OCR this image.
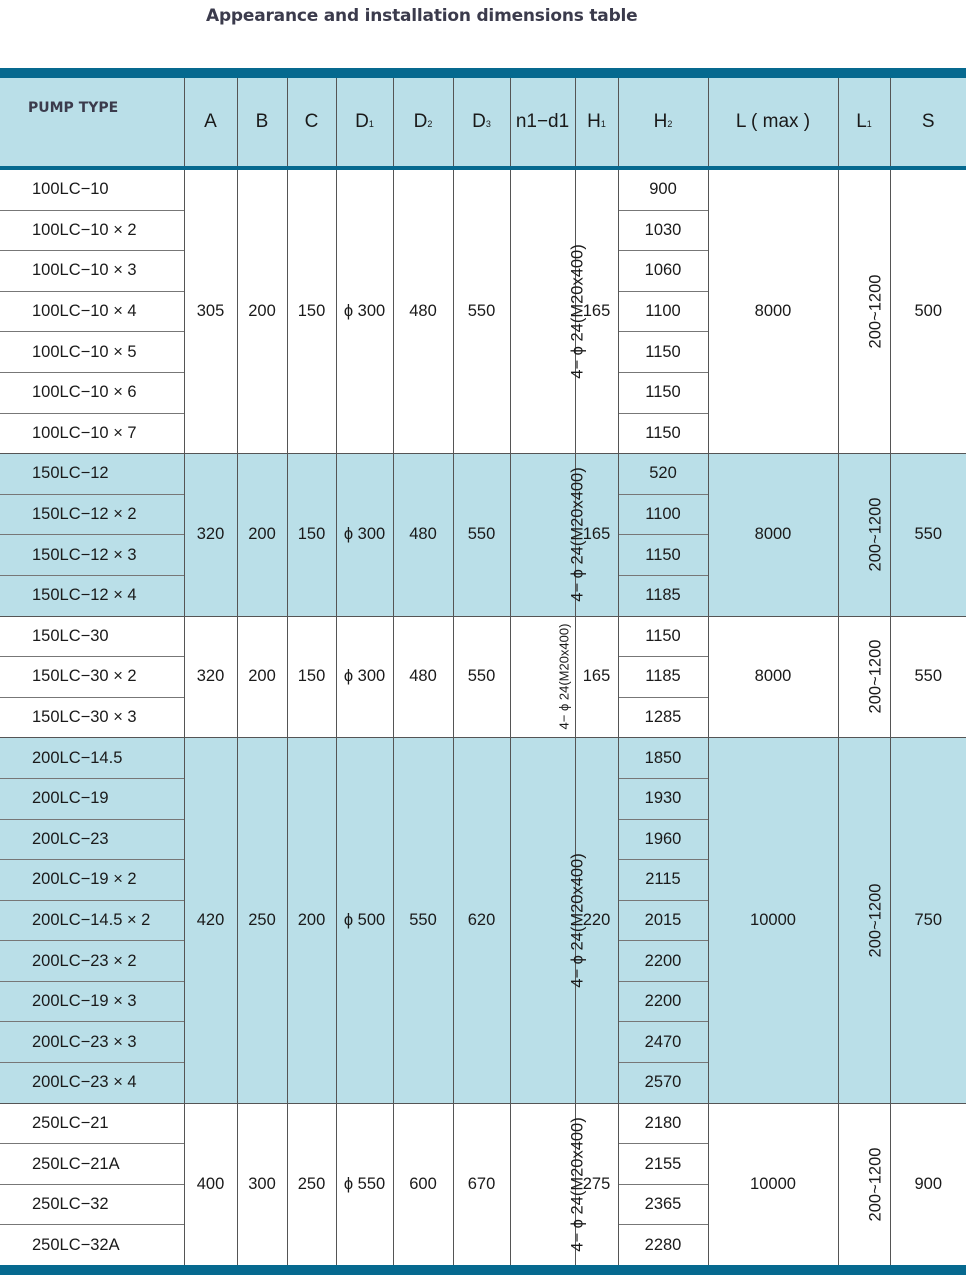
Appearance and installation dimensions table
PUMP TYPE	A	B	C	D1	D2	D3	n1−d1	H1	H2	L ( max )	L1	S
100LC−10	305	200	150	ϕ 300	480	550	4− ϕ 24(M20x400)	165	900	8000	200~1200	500
100LC−10 × 2									1030			
100LC−10 × 3									1060			
100LC−10 × 4									1100			
100LC−10 × 5									1150			
100LC−10 × 6									1150			
100LC−10 × 7									1150			
150LC−12	320	200	150	ϕ 300	480	550	4− ϕ 24(M20x400)	165	520	8000	200~1200	550
150LC−12 × 2									1100			
150LC−12 × 3									1150			
150LC−12 × 4									1185			
150LC−30	320	200	150	ϕ 300	480	550	4− ϕ 24(M20x400)	165	1150	8000	200~1200	550
150LC−30 × 2									1185			
150LC−30 × 3									1285			
200LC−14.5	420	250	200	ϕ 500	550	620	4− ϕ 24(M20x400)	220	1850	10000	200~1200	750
200LC−19									1930			
200LC−23									1960			
200LC−19 × 2									2115			
200LC−14.5 × 2									2015			
200LC−23 × 2									2200			
200LC−19 × 3									2200			
200LC−23 × 3									2470			
200LC−23 × 4									2570			
250LC−21	400	300	250	ϕ 550	600	670	4− ϕ 24(M20x400)	275	2180	10000	200~1200	900
250LC−21A									2155			
250LC−32									2365			
250LC−32A									2280			
